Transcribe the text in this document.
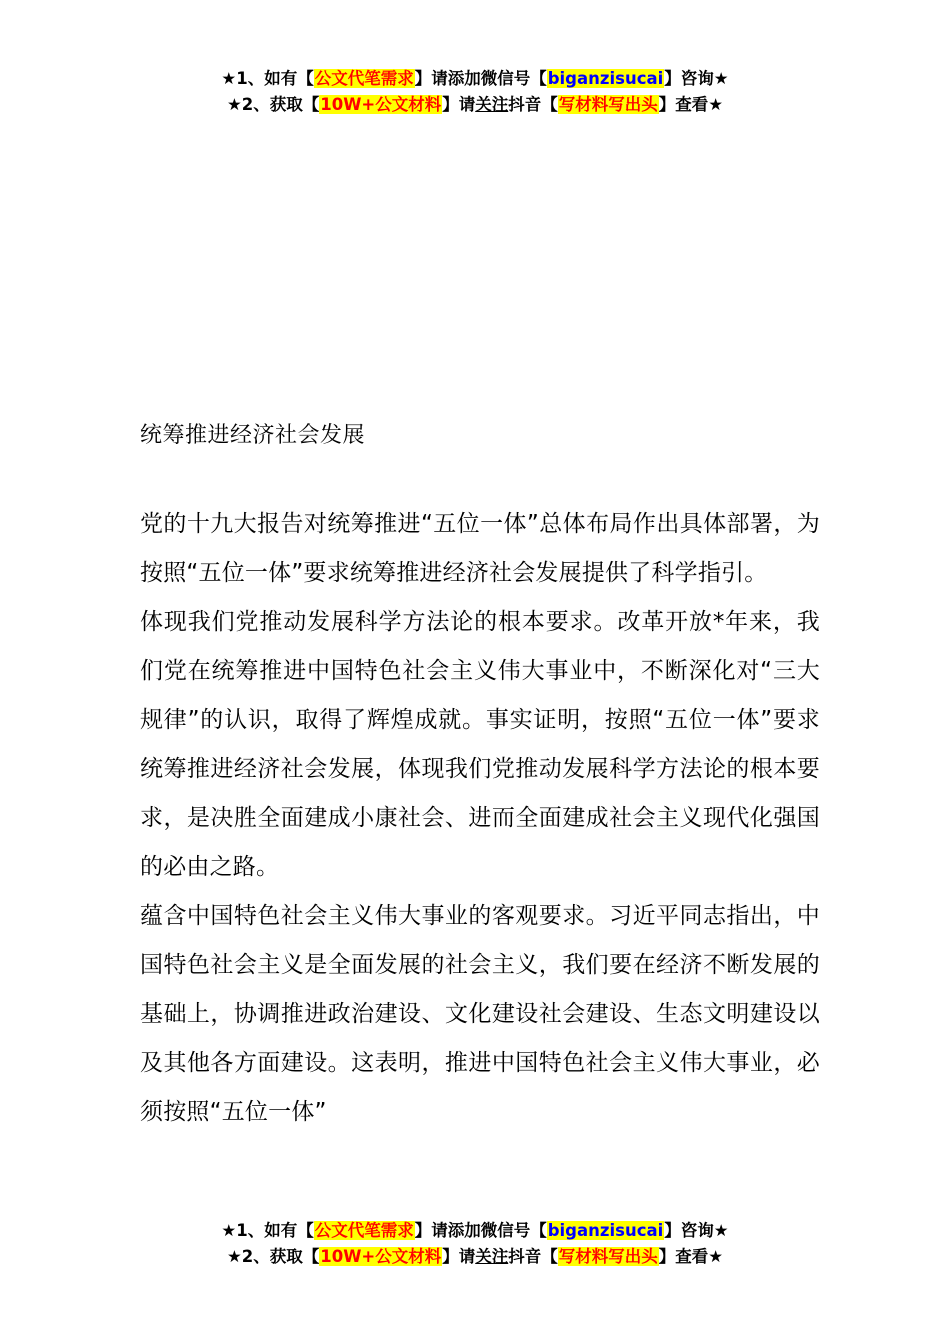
★1、如有【公文代笔需求】请添加微信号【biganzisucai】咨询★
★2、获取【10W+公文材料】请关注抖音【写材料写出头】查看★
统筹推进经济社会发展

党的十九大报告对统筹推进“五位一体”总体布局作出具体部署，为按照“五位一体”要求统筹推进经济社会发展提供了科学指引。

体现我们党推动发展科学方法论的根本要求。改革开放*年来，我们党在统筹推进中国特色社会主义伟大事业中，不断深化对“三大规律”的认识，取得了辉煌成就。事实证明，按照“五位一体”要求统筹推进经济社会发展，体现我们党推动发展科学方法论的根本要求，是决胜全面建成小康社会、进而全面建成社会主义现代化强国的必由之路。

蕴含中国特色社会主义伟大事业的客观要求。习近平同志指出，中国特色社会主义是全面发展的社会主义，我们要在经济不断发展的基础上，协调推进政治建设、文化建设社会建设、生态文明建设以及其他各方面建设。这表明，推进中国特色社会主义伟大事业，必须按照“五位一体”

★1、如有【公文代笔需求】请添加微信号【biganzisucai】咨询★
★2、获取【10W+公文材料】请关注抖音【写材料写出头】查看★
